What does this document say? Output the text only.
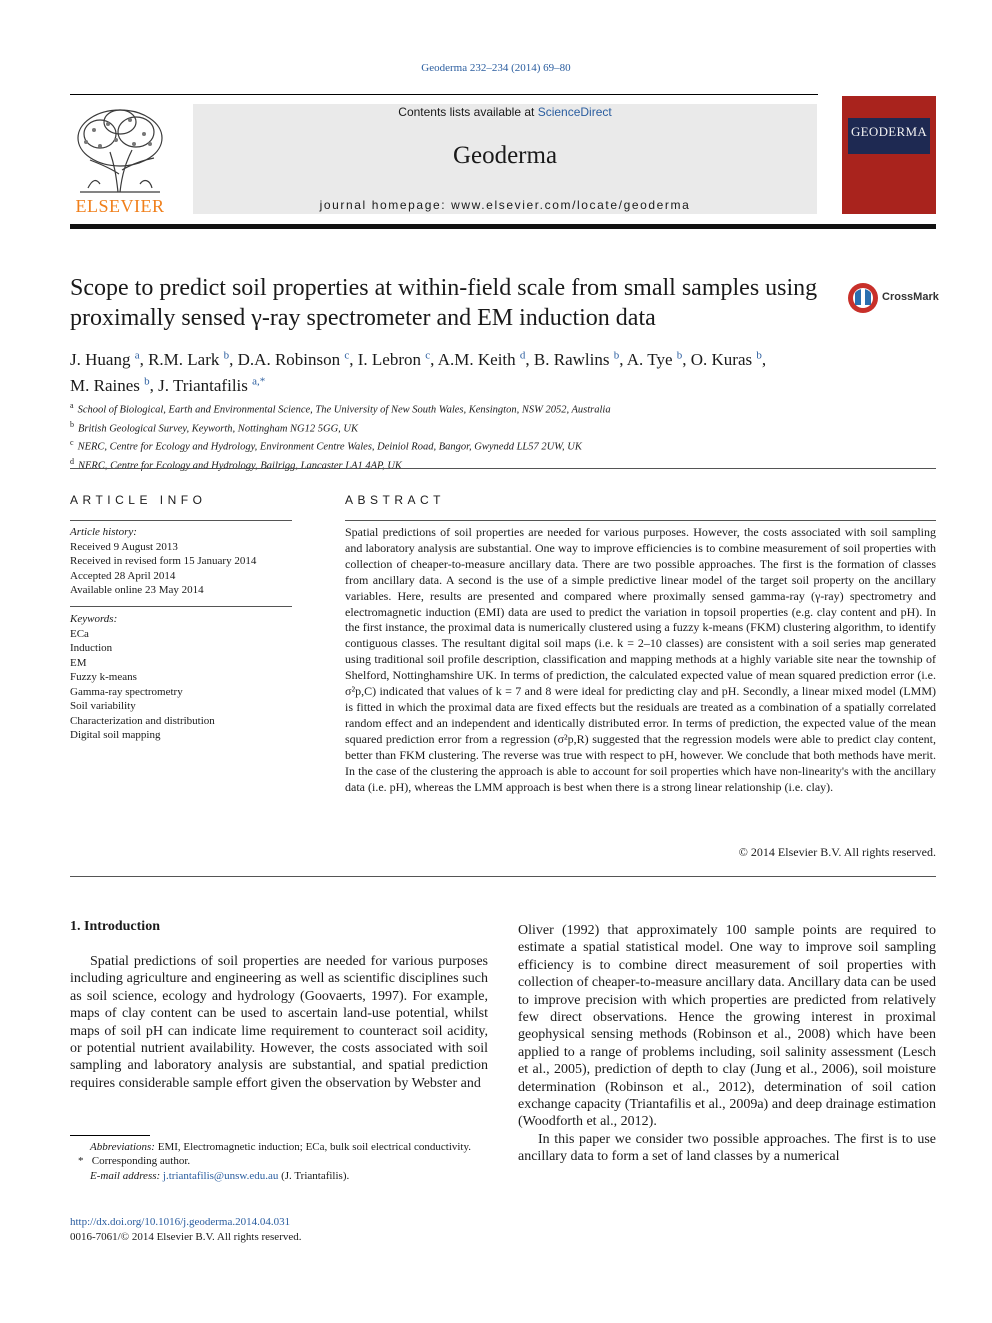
Geoderma 232–234 (2014) 69–80
ELSEVIER
Contents lists available at ScienceDirect
Geoderma
journal homepage: www.elsevier.com/locate/geoderma
GEODERMA
Scope to predict soil properties at within-field scale from small samples using proximally sensed γ-ray spectrometer and EM induction data
CrossMark
J. Huang $^a$, R.M. Lark $^b$, D.A. Robinson $^c$, I. Lebron $^c$, A.M. Keith $^d$, B. Rawlins $^b$, A. Tye $^b$, O. Kuras $^b$,
M. Raines $^b$, J. Triantafilis $^{a,*}$
$^a$ School of Biological, Earth and Environmental Science, The University of New South Wales, Kensington, NSW 2052, Australia
$^b$ British Geological Survey, Keyworth, Nottingham NG12 5GG, UK
$^c$ NERC, Centre for Ecology and Hydrology, Environment Centre Wales, Deiniol Road, Bangor, Gwynedd LL57 2UW, UK
$^d$ NERC, Centre for Ecology and Hydrology, Bailrigg, Lancaster LA1 4AP, UK
ARTICLE INFO
Article history:
Received 9 August 2013
Received in revised form 15 January 2014
Accepted 28 April 2014
Available online 23 May 2014
Keywords:
ECa
Induction
EM
Fuzzy k-means
Gamma-ray spectrometry
Soil variability
Characterization and distribution
Digital soil mapping
ABSTRACT
Spatial predictions of soil properties are needed for various purposes. However, the costs associated with soil sampling and laboratory analysis are substantial. One way to improve efficiencies is to combine measurement of soil properties with collection of cheaper-to-measure ancillary data. There are two possible approaches. The first is the formation of classes from ancillary data. A second is the use of a simple predictive linear model of the target soil property on the ancillary variables. Here, results are presented and compared where proximally sensed gamma-ray (γ-ray) spectrometry and electromagnetic induction (EMI) data are used to predict the variation in topsoil properties (e.g. clay content and pH). In the first instance, the proximal data is numerically clustered using a fuzzy k-means (FKM) clustering algorithm, to identify contiguous classes. The resultant digital soil maps (i.e. k = 2–10 classes) are consistent with a soil series map generated using traditional soil profile description, classification and mapping methods at a highly variable site near the township of Shelford, Nottinghamshire UK. In terms of prediction, the calculated expected value of mean squared prediction error (i.e. σ²p,C) indicated that values of k = 7 and 8 were ideal for predicting clay and pH. Secondly, a linear mixed model (LMM) is fitted in which the proximal data are fixed effects but the residuals are treated as a combination of a spatially correlated random effect and an independent and identically distributed error. In terms of prediction, the expected value of the mean squared prediction error from a regression (σ²p,R) suggested that the regression models were able to predict clay content, better than FKM clustering. The reverse was true with respect to pH, however. We conclude that both methods have merit. In the case of the clustering the approach is able to account for soil properties which have non-linearity's with the ancillary data (i.e. pH), whereas the LMM approach is best when there is a strong linear relationship (i.e. clay).
© 2014 Elsevier B.V. All rights reserved.
1. Introduction
Spatial predictions of soil properties are needed for various purposes including agriculture and engineering as well as scientific disciplines such as soil science, ecology and hydrology (Goovaerts, 1997). For example, maps of clay content can be used to ascertain land-use potential, whilst maps of soil pH can indicate lime requirement to counteract soil acidity, or potential nutrient availability. However, the costs associated with soil sampling and laboratory analysis are substantial, and spatial prediction requires considerable sample effort given the observation by Webster and
Oliver (1992) that approximately 100 sample points are required to estimate a spatial statistical model. One way to improve soil sampling efficiency is to combine direct measurement of soil properties with collection of cheaper-to-measure ancillary data. Ancillary data can be used to improve precision with which properties are predicted from relatively few direct observations. Hence the growing interest in proximal geophysical sensing methods (Robinson et al., 2008) which have been applied to a range of problems including, soil salinity assessment (Lesch et al., 2005), prediction of depth to clay (Jung et al., 2006), soil moisture determination (Robinson et al., 2012), determination of soil cation exchange capacity (Triantafilis et al., 2009a) and deep drainage estimation (Woodforth et al., 2012).
In this paper we consider two possible approaches. The first is to use ancillary data to form a set of land classes by a numerical
Abbreviations: EMI, Electromagnetic induction; ECa, bulk soil electrical conductivity.
* Corresponding author.
E-mail address: j.triantafilis@unsw.edu.au (J. Triantafilis).
http://dx.doi.org/10.1016/j.geoderma.2014.04.031
0016-7061/© 2014 Elsevier B.V. All rights reserved.
